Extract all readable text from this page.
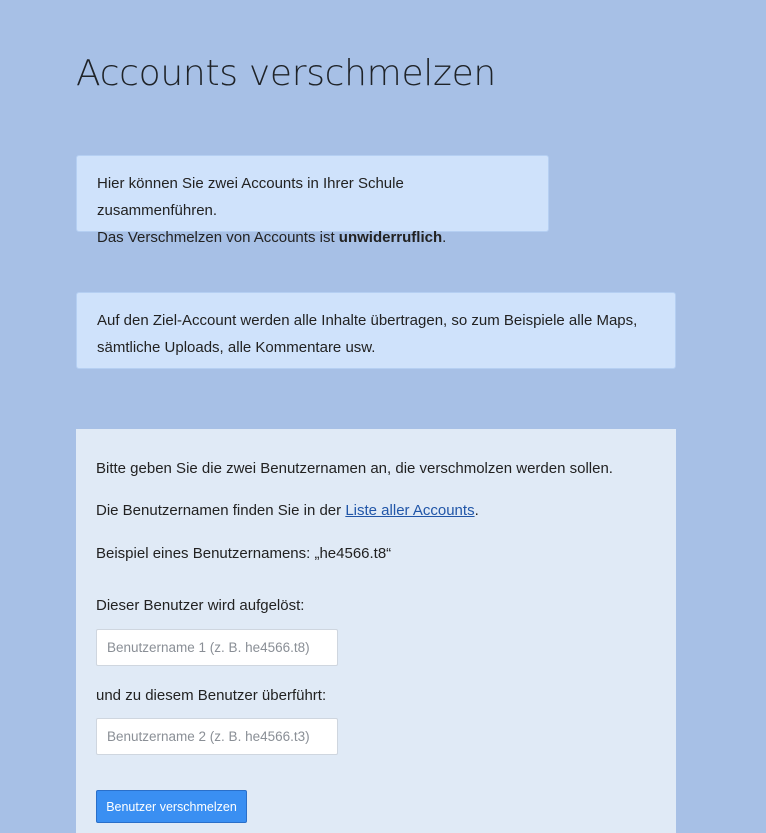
Accounts verschmelzen

Hier können Sie zwei Accounts in Ihrer Schule zusammenführen.

Das Verschmelzen von Accounts ist unwiderruflich.

Auf den Ziel-Account werden alle Inhalte übertragen, so zum Beispiele alle Maps,

sämtliche Uploads, alle Kommentare usw.

Bitte geben Sie die zwei Benutzernamen an, die verschmolzen werden sollen.

Die Benutzernamen finden Sie in der Liste aller Accounts.

Beispiel eines Benutzernamens: „he4566.t8“

Dieser Benutzer wird aufgelöst:

Benutzername 1 (z. B. he4566.t8)

und zu diesem Benutzer überführt:

Benutzername 2 (z. B. he4566.t3)
Benutzer verschmelzen
